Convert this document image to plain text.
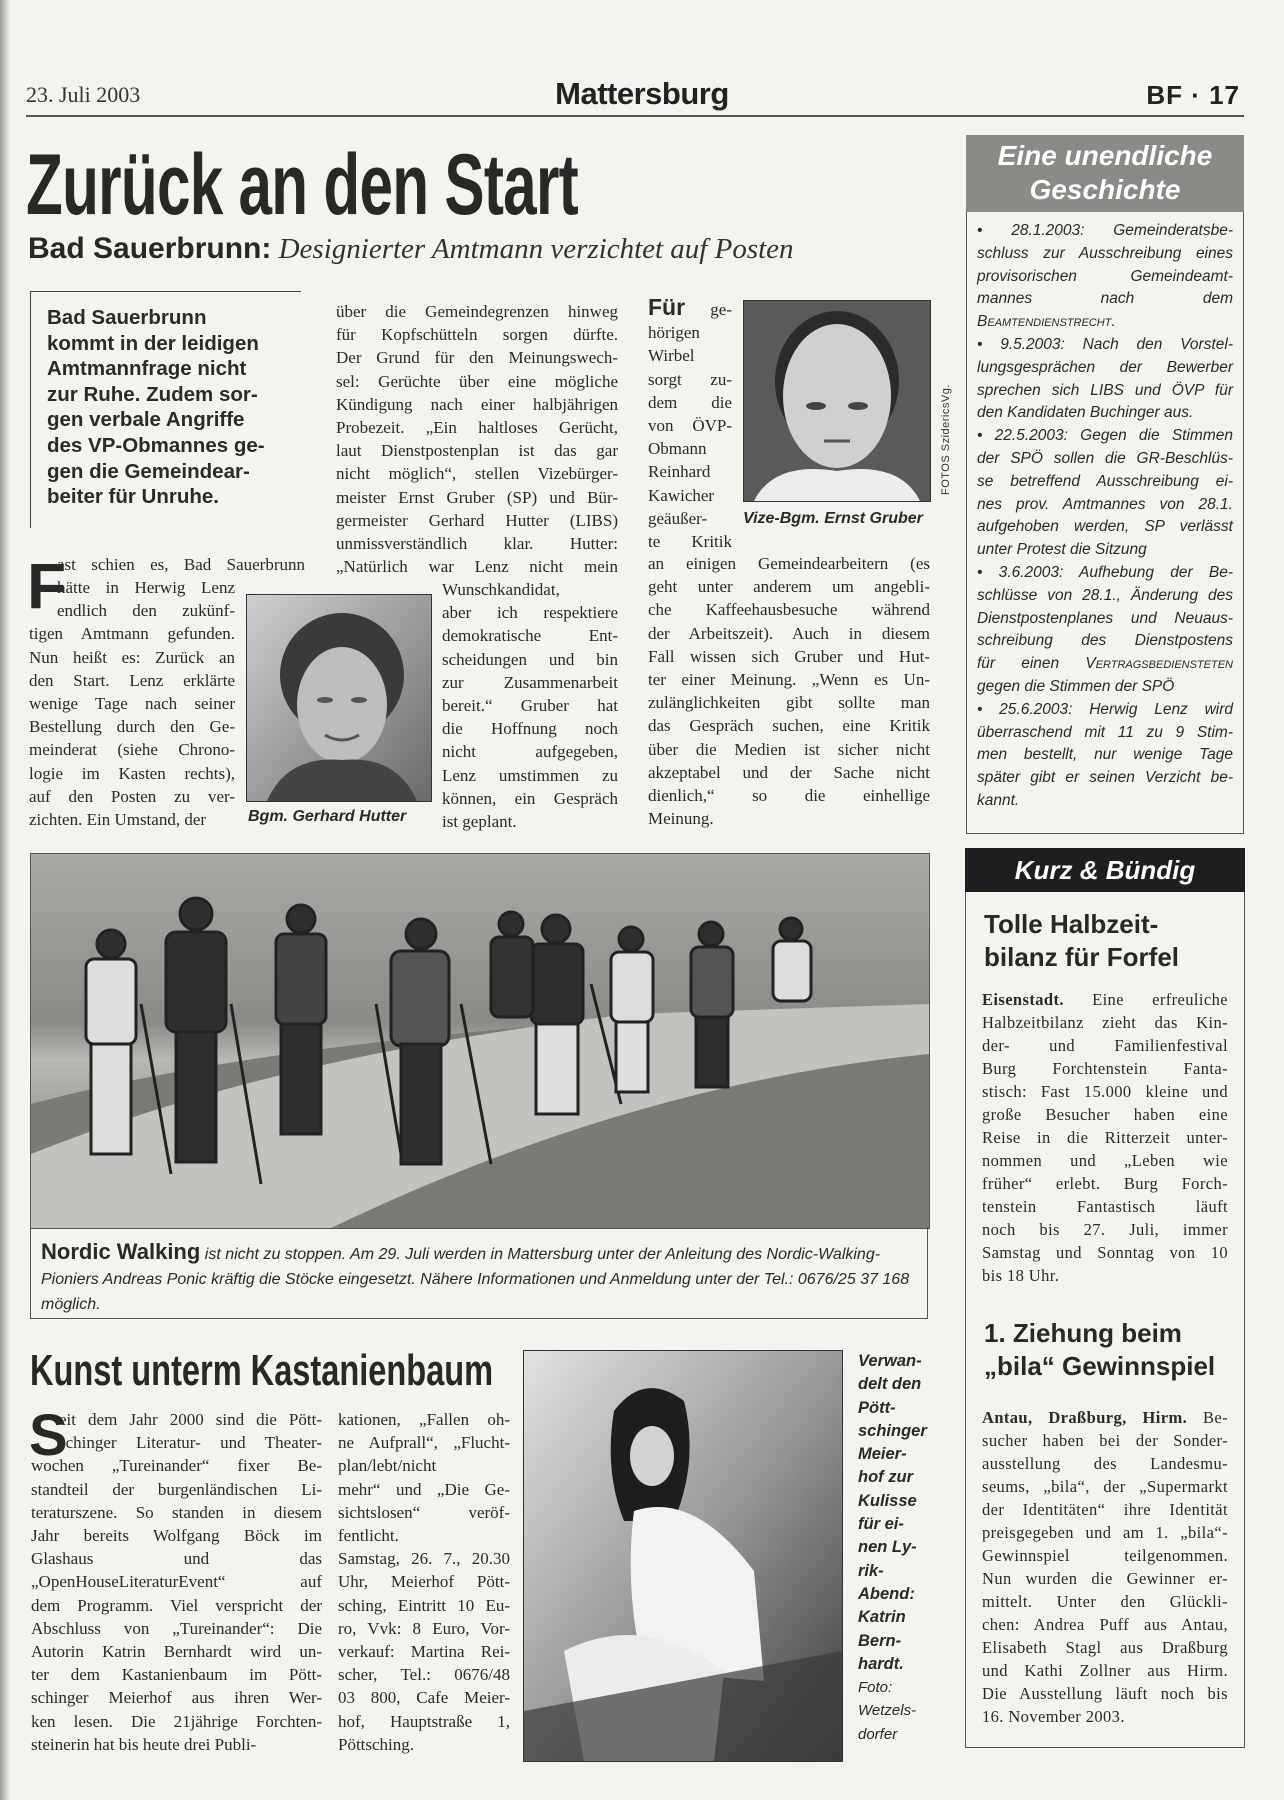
23. Juli 2003	Mattersburg	BF · 17
Zurück an den Start
Bad Sauerbrunn: Designierter Amtmann verzichtet auf Posten
Bad Sauerbrunn
kommt in der leidigen
Amtmannfrage nicht
zur Ruhe. Zudem sor-
gen verbale Angriffe
des VP-Obmannes ge-
gen die Gemeindear-
beiter für Unruhe.
F
ast schien es, Bad Sauerbrunn
hätte in Herwig Lenz
endlich den zukünf-
tigen Amtmann gefunden.
Nun heißt es: Zurück an
den Start. Lenz erklärte
wenige Tage nach seiner
Bestellung durch den Ge-
meinderat (siehe Chrono-
logie im Kasten rechts),
auf den Posten zu ver-
zichten. Ein Umstand, der	Bgm. Gerhard Hutter
über die Gemeindegrenzen hinweg
für Kopfschütteln sorgen dürfte.
Der Grund für den Meinungswech-
sel: Gerüchte über eine mögliche
Kündigung nach einer halbjährigen
Probezeit. „Ein haltloses Gerücht,
laut Dienstpostenplan ist das gar
nicht möglich“, stellen Vizebürger-
meister Ernst Gruber (SP) und Bür-
germeister Gerhard Hutter (LIBS)
unmissverständlich klar. Hutter:
„Natürlich war Lenz nicht mein
Wunschkandidat,
aber ich respektiere
demokratische Ent-
scheidungen und bin
zur Zusammenarbeit
bereit.“ Gruber hat
die Hoffnung noch
nicht aufgegeben,
Lenz umstimmen zu
können, ein Gespräch
ist geplant.
Für ge-
hörigen
Wirbel
sorgt zu-
dem die
von ÖVP-
Obmann
Reinhard
Kawicher
geäußer-
te Kritik
FOTOS SzidericsVg.
Vize-Bgm. Ernst Gruber
an einigen Gemeindearbeitern (es
geht unter anderem um angebli-
che Kaffeehausbesuche während
der Arbeitszeit). Auch in diesem
Fall wissen sich Gruber und Hut-
ter einer Meinung. „Wenn es Un-
zulänglichkeiten gibt sollte man
das Gespräch suchen, eine Kritik
über die Medien ist sicher nicht
akzeptabel und der Sache nicht
dienlich,“ so die einhellige
Meinung.
Eine unendliche
Geschichte
• 28.1.2003: Gemeinderatsbe-
schluss zur Ausschreibung eines
provisorischen Gemeindeamt-
mannes nach dem
Beamtendienstrecht.
• 9.5.2003: Nach den Vorstel-
lungsgesprächen der Bewerber
sprechen sich LIBS und ÖVP für
den Kandidaten Buchinger aus.
• 22.5.2003: Gegen die Stimmen
der SPÖ sollen die GR-Beschlüs-
se betreffend Ausschreibung ei-
nes prov. Amtmannes von 28.1.
aufgehoben werden, SP verlässt
unter Protest die Sitzung
• 3.6.2003: Aufhebung der Be-
schlüsse von 28.1., Änderung des
Dienstpostenplanes und Neuaus-
schreibung des Dienstpostens
für einen Vertragsbediensteten
gegen die Stimmen der SPÖ
• 25.6.2003: Herwig Lenz wird
überraschend mit 11 zu 9 Stim-
men bestellt, nur wenige Tage
später gibt er seinen Verzicht be-
kannt.
Nordic Walking ist nicht zu stoppen. Am 29. Juli werden in Mattersburg unter der Anleitung des Nordic-Walking-Pioniers Andreas Ponic kräftig die Stöcke eingesetzt. Nähere Informationen und Anmeldung unter der Tel.: 0676/25 37 168 möglich.
Kurz & Bündig
Tolle Halbzeit-
bilanz für Forfel
Eisenstadt. Eine erfreuliche
Halbzeitbilanz zieht das Kin-
der- und Familienfestival
Burg Forchtenstein Fanta-
stisch: Fast 15.000 kleine und
große Besucher haben eine
Reise in die Ritterzeit unter-
nommen und „Leben wie
früher“ erlebt. Burg Forch-
tenstein Fantastisch läuft
noch bis 27. Juli, immer
Samstag und Sonntag von 10
bis 18 Uhr.
1. Ziehung beim
„bila“ Gewinnspiel
Antau, Draßburg, Hirm. Be-
sucher haben bei der Sonder-
ausstellung des Landesmu-
seums, „bila“, der „Supermarkt
der Identitäten“ ihre Identität
preisgegeben und am 1. „bila“-
Gewinnspiel teilgenommen.
Nun wurden die Gewinner er-
mittelt. Unter den Glückli-
chen: Andrea Puff aus Antau,
Elisabeth Stagl aus Draßburg
und Kathi Zollner aus Hirm.
Die Ausstellung läuft noch bis
16. November 2003.
Kunst unterm Kastanienbaum
S
eit dem Jahr 2000 sind die Pött-
schinger Literatur- und Theater-
wochen „Tureinander“ fixer Be-
standteil der burgenländischen Li-
teraturszene. So standen in diesem
Jahr bereits Wolfgang Böck im
Glashaus und das
„OpenHouseLiteraturEvent“ auf
dem Programm. Viel verspricht der
Abschluss von „Tureinander“: Die
Autorin Katrin Bernhardt wird un-
ter dem Kastanienbaum im Pött-
schinger Meierhof aus ihren Wer-
ken lesen. Die 21jährige Forchten-
steinerin hat bis heute drei Publi-
kationen, „Fallen oh-
ne Aufprall“, „Flucht-
plan/lebt/nicht
mehr“ und „Die Ge-
sichtslosen“ veröf-
fentlicht.
Samstag, 26. 7., 20.30
Uhr, Meierhof Pött-
sching, Eintritt 10 Eu-
ro, Vvk: 8 Euro, Vor-
verkauf: Martina Rei-
scher, Tel.: 0676/48
03 800, Cafe Meier-
hof, Hauptstraße 1,
Pöttsching.
Verwan-
delt den
Pött-
schinger
Meier-
hof zur
Kulisse
für ei-
nen Ly-
rik-
Abend:
Katrin
Bern-
hardt.
Foto:
Wetzels-
dorfer
